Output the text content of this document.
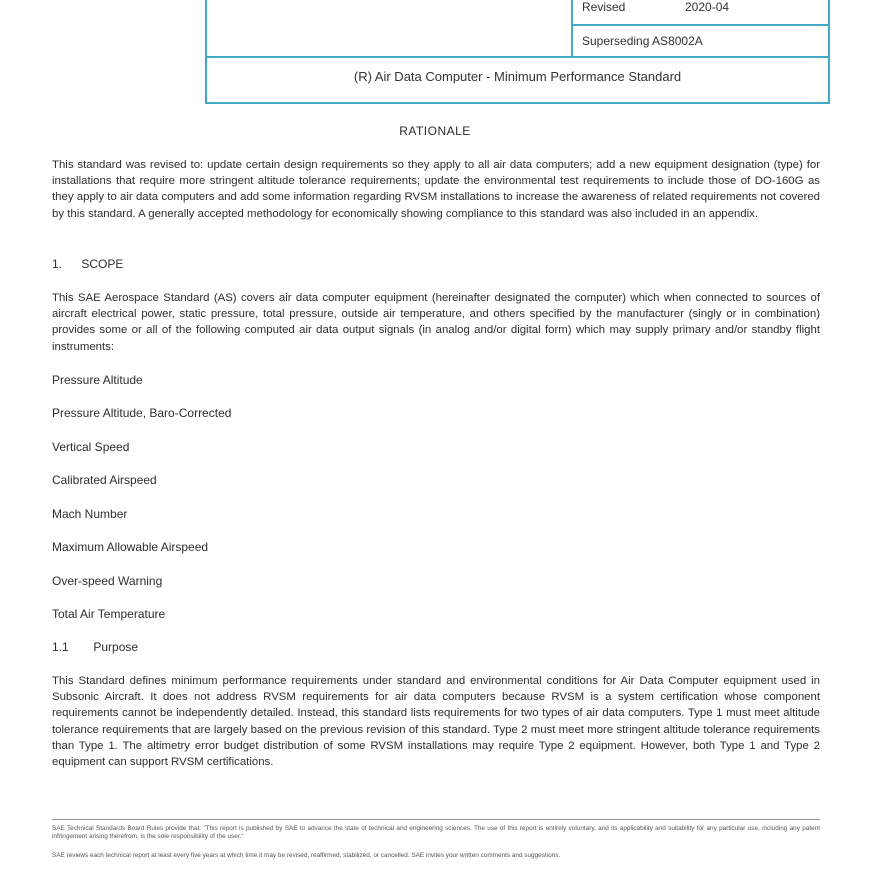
Revised	2020-04
Superseding AS8002A
(R) Air Data Computer - Minimum Performance Standard
RATIONALE

This standard was revised to: update certain design requirements so they apply to all air data computers; add a new equipment designation (type) for installations that require more stringent altitude tolerance requirements; update the environmental test requirements to include those of DO-160G as they apply to air data computers and add some information regarding RVSM installations to increase the awareness of related requirements not covered by this standard. A generally accepted methodology for economically showing compliance to this standard was also included in an appendix.

1. SCOPE

This SAE Aerospace Standard (AS) covers air data computer equipment (hereinafter designated the computer) which when connected to sources of aircraft electrical power, static pressure, total pressure, outside air temperature, and others specified by the manufacturer (singly or in combination) provides some or all of the following computed air data output signals (in analog and/or digital form) which may supply primary and/or standby flight instruments:

Pressure Altitude
Pressure Altitude, Baro-Corrected
Vertical Speed
Calibrated Airspeed
Mach Number
Maximum Allowable Airspeed
Over-speed Warning
Total Air Temperature
1.1 Purpose

This Standard defines minimum performance requirements under standard and environmental conditions for Air Data Computer equipment used in Subsonic Aircraft. It does not address RVSM requirements for air data computers because RVSM is a system certification whose component requirements cannot be independently detailed. Instead, this standard lists requirements for two types of air data computers. Type 1 must meet altitude tolerance requirements that are largely based on the previous revision of this standard. Type 2 must meet more stringent altitude tolerance requirements than Type 1. The altimetry error budget distribution of some RVSM installations may require Type 2 equipment. However, both Type 1 and Type 2 equipment can support RVSM certifications.

SAE Technical Standards Board Rules provide that: "This report is published by SAE to advance the state of technical and engineering sciences. The use of this report is entirely voluntary, and its applicability and suitability for any particular use, including any patent infringement arising therefrom, is the sole responsibility of the user."

SAE reviews each technical report at least every five years at which time it may be revised, reaffirmed, stabilized, or cancelled. SAE invites your written comments and suggestions.
